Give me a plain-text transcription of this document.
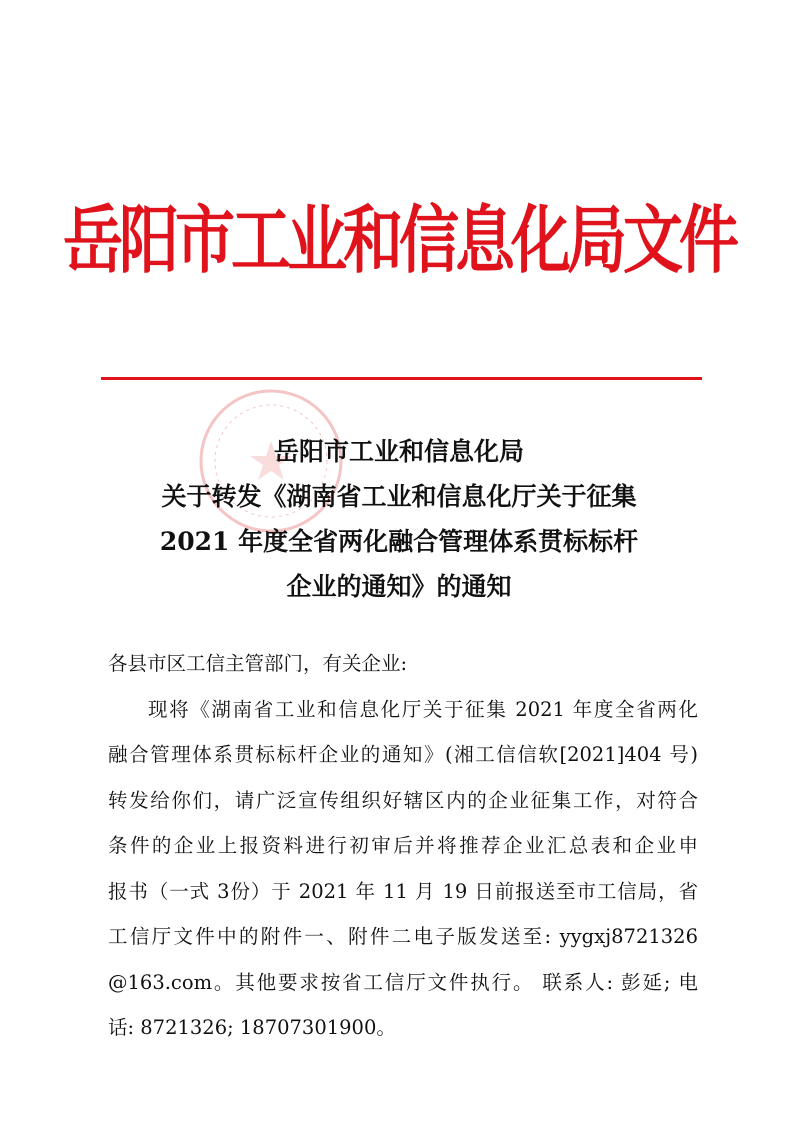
岳阳市工业和信息化局文件
岳阳市工业和信息化局
关于转发《湖南省工业和信息化厅关于征集
2021 年度全省两化融合管理体系贯标标杆
企业的通知》的通知
各县市区工信主管部门，有关企业:
现将《湖南省工业和信息化厅关于征集 2021 年度全省两化
融合管理体系贯标标杆企业的通知》(湘工信信软[2021]404 号)
转发给你们，请广泛宣传组织好辖区内的企业征集工作，对符合
条件的企业上报资料进行初审后并将推荐企业汇总表和企业申
报书（一式 3份）于 2021 年 11 月 19 日前报送至市工信局，省
工信厅文件中的附件一、附件二电子版发送至: yygxj8721326
@163.com。其他要求按省工信厅文件执行。 联系人: 彭延; 电
话: 8721326; 18707301900。
